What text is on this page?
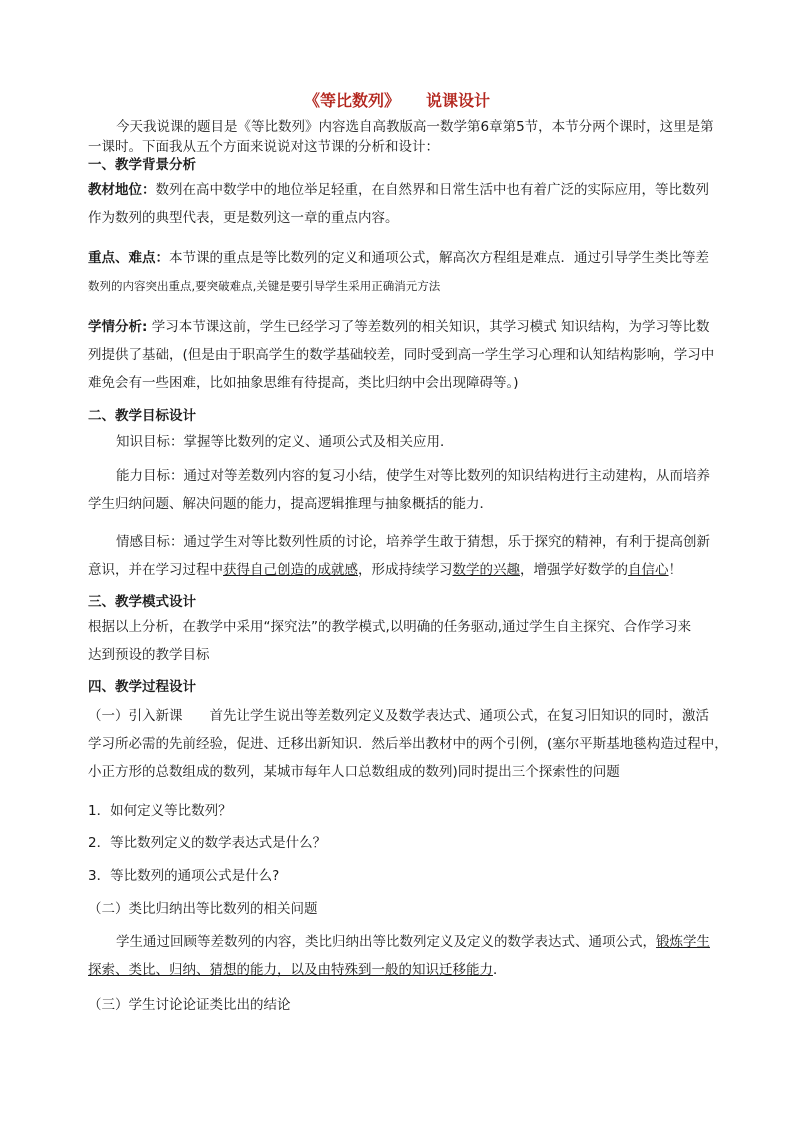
《等比数列》 说课设计
今天我说课的题目是《等比数列》内容选自高教版高一数学第6章第5节，本节分两个课时，这里是第
一课时。下面我从五个方面来说说对这节课的分析和设计：
一、教学背景分析
教材地位：数列在高中数学中的地位举足轻重，在自然界和日常生活中也有着广泛的实际应用，等比数列
作为数列的典型代表，更是数列这一章的重点内容。
重点、难点：本节课的重点是等比数列的定义和通项公式，解高次方程组是难点．通过引导学生类比等差
数列的内容突出重点,要突破难点,关键是要引导学生采用正确消元方法
学情分析: 学习本节课这前，学生已经学习了等差数列的相关知识，其学习模式 知识结构，为学习等比数
列提供了基础，(但是由于职高学生的数学基础较差，同时受到高一学生学习心理和认知结构影响，学习中
难免会有一些困难，比如抽象思维有待提高，类比归纳中会出现障碍等。)
二、教学目标设计
知识目标：掌握等比数列的定义、通项公式及相关应用．
能力目标：通过对等差数列内容的复习小结，使学生对等比数列的知识结构进行主动建构，从而培养
学生归纳问题、解决问题的能力，提高逻辑推理与抽象概括的能力．
情感目标：通过学生对等比数列性质的讨论，培养学生敢于猜想，乐于探究的精神，有利于提高创新
意识，并在学习过程中获得自己创造的成就感，形成持续学习数学的兴趣，增强学好数学的自信心！
三、教学模式设计
根据以上分析，在教学中采用“探究法”的教学模式,以明确的任务驱动,通过学生自主探究、合作学习来
达到预设的教学目标
四、教学过程设计
（一）引入新课　　首先让学生说出等差数列定义及数学表达式、通项公式，在复习旧知识的同时，激活
学习所必需的先前经验，促进、迁移出新知识．然后举出教材中的两个引例，(塞尔平斯基地毯构造过程中，
小正方形的总数组成的数列，某城市每年人口总数组成的数列)同时提出三个探索性的问题
1．如何定义等比数列？
2．等比数列定义的数学表达式是什么？
3．等比数列的通项公式是什么?
（二）类比归纳出等比数列的相关问题
学生通过回顾等差数列的内容，类比归纳出等比数列定义及定义的数学表达式、通项公式，锻炼学生
探索、类比、归纳、猜想的能力，以及由特殊到一般的知识迁移能力．
（三）学生讨论论证类比出的结论
